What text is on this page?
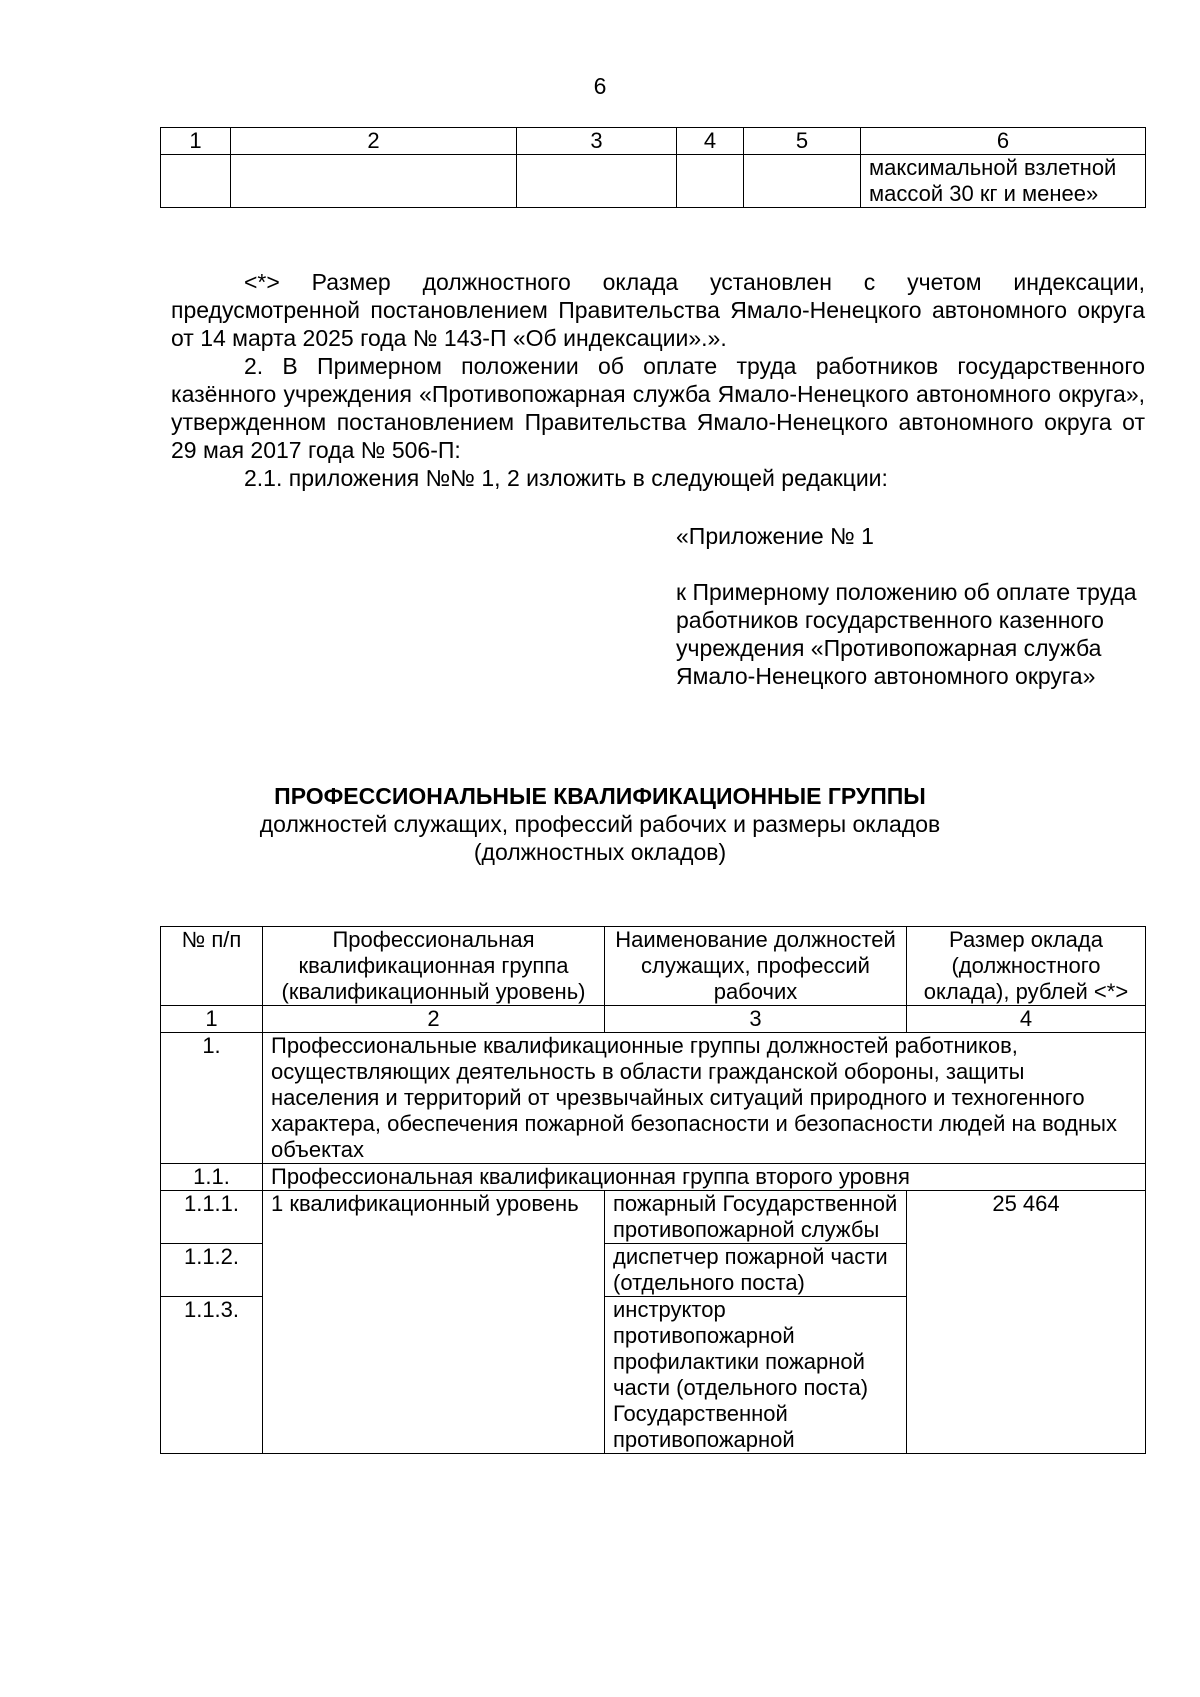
6
1	2	3	4	5	6
					максимальной взлетной массой 30 кг и менее»

<*> Размер должностного оклада установлен с учетом индексации, предусмотренной постановлением Правительства Ямало-Ненецкого автономного округа от 14 марта 2025 года № 143-П «Об индексации».».

2. В Примерном положении об оплате труда работников государственного казённого учреждения «Противопожарная служба Ямало-Ненецкого автономного округа», утвержденном постановлением Правительства Ямало-Ненецкого автономного округа от 29 мая 2017 года № 506-П:

2.1. приложения №№ 1, 2 изложить в следующей редакции:

«Приложение № 1

к Примерному положению об оплате труда работников государственного казенного учреждения «Противопожарная служба Ямало-Ненецкого автономного округа»

ПРОФЕССИОНАЛЬНЫЕ КВАЛИФИКАЦИОННЫЕ ГРУППЫ
должностей служащих, профессий рабочих и размеры окладов
(должностных окладов)
№ п/п	Профессиональная квалификационная группа (квалификационный уровень)	Наименование должностей служащих, профессий рабочих	Размер оклада (должностного оклада), рублей <*>
1	2	3	4
1.	Профессиональные квалификационные группы должностей работников, осуществляющих деятельность в области гражданской обороны, защиты населения и территорий от чрезвычайных ситуаций природного и техногенного характера, обеспечения пожарной безопасности и безопасности людей на водных объектах		
1.1.	Профессиональная квалификационная группа второго уровня		
1.1.1.	1 квалификационный уровень	пожарный Государственной противопожарной службы	25 464
1.1.2.		диспетчер пожарной части (отдельного поста)	
1.1.3.		инструктор противопожарной профилактики пожарной части (отдельного поста) Государственной противопожарной	
